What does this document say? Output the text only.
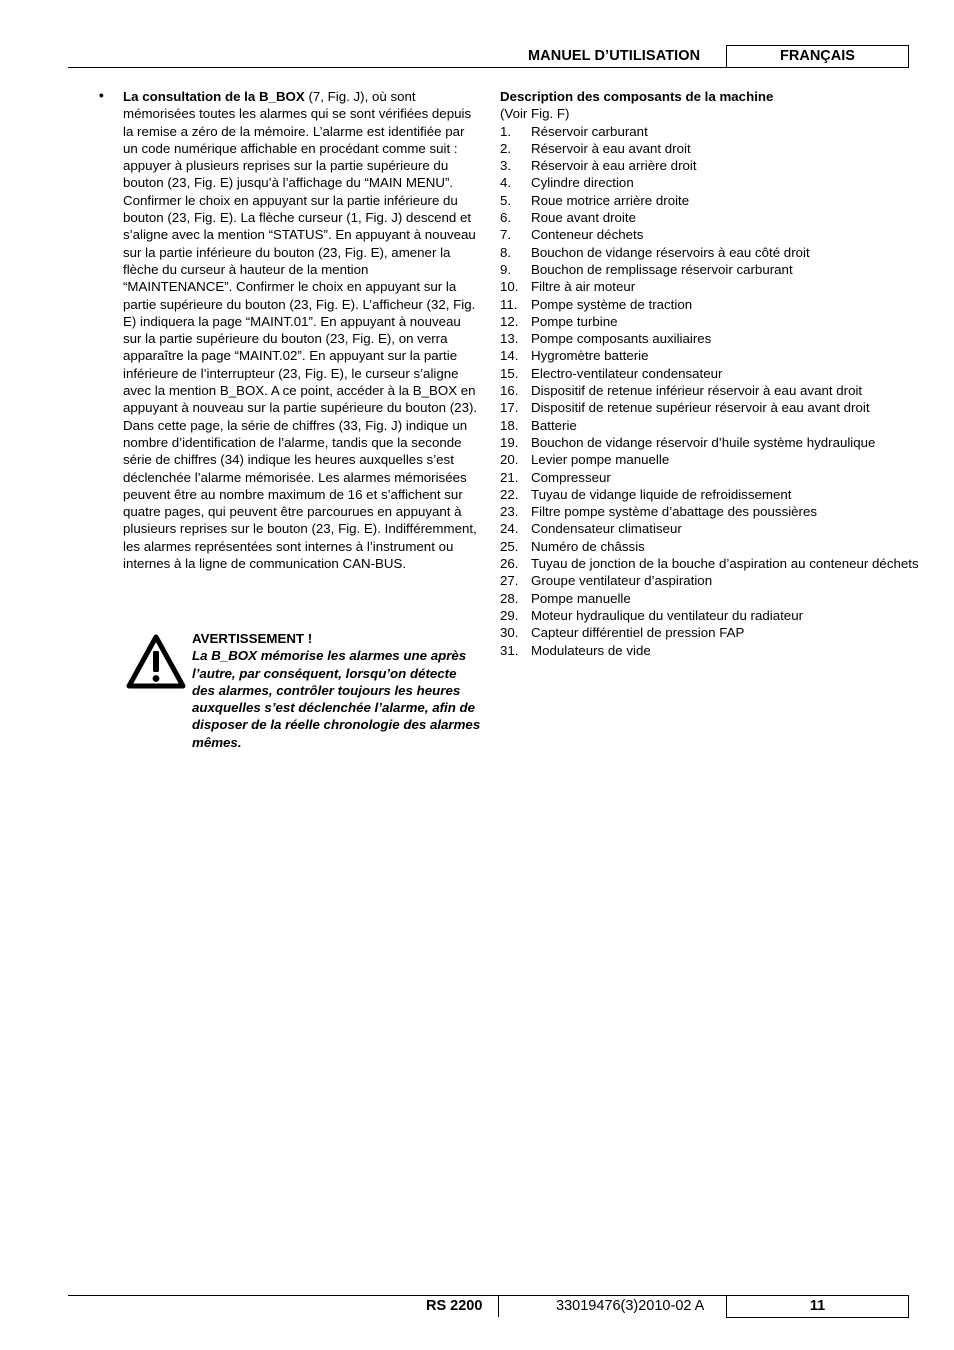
MANUEL D’UTILISATION	FRANÇAIS
• La consultation de la B_BOX (7, Fig. J), où sont mémorisées toutes les alarmes qui se sont vérifiées depuis la remise a zéro de la mémoire. L’alarme est identifiée par un code numérique affichable en procédant comme suit : appuyer à plusieurs reprises sur la partie supérieure du bouton (23, Fig. E) jusqu’à l’affichage du “MAIN MENU”. Confirmer le choix en appuyant sur la partie inférieure du bouton (23, Fig. E). La flèche curseur (1, Fig. J) descend et s’aligne avec la mention “STATUS”. En appuyant à nouveau sur la partie inférieure du bouton (23, Fig. E), amener la flèche du curseur à hauteur de la mention “MAINTENANCE”. Confirmer le choix en appuyant sur la partie supérieure du bouton (23, Fig. E). L’afficheur (32, Fig. E) indiquera la page “MAINT.01”. En appuyant à nouveau sur la partie supérieure du bouton (23, Fig. E), on verra apparaître la page “MAINT.02”. En appuyant sur la partie inférieure de l’interrupteur (23, Fig. E), le curseur s’aligne avec la mention B_BOX. A ce point, accéder à la B_BOX en appuyant à nouveau sur la partie supérieure du bouton (23). Dans cette page, la série de chiffres (33, Fig. J) indique un nombre d’identification de l’alarme, tandis que la seconde série de chiffres (34) indique les heures auxquelles s’est déclenchée l’alarme mémorisée. Les alarmes mémorisées peuvent être au nombre maximum de 16 et s’affichent sur quatre pages, qui peuvent être parcourues en appuyant à plusieurs reprises sur le bouton (23, Fig. E). Indifféremment, les alarmes représentées sont internes à l’instrument ou internes à la ligne de communication CAN-BUS.
AVERTISSEMENT !
La B_BOX mémorise les alarmes une après l’autre, par conséquent, lorsqu’on détecte des alarmes, contrôler toujours les heures auxquelles s’est déclenchée l’alarme, afin de disposer de la réelle chronologie des alarmes mêmes.
Description des composants de la machine
(Voir Fig. F)
1. Réservoir carburant
2. Réservoir à eau avant droit
3. Réservoir à eau arrière droit
4. Cylindre direction
5. Roue motrice arrière droite
6. Roue avant droite
7. Conteneur déchets
8. Bouchon de vidange réservoirs à eau côté droit
9. Bouchon de remplissage réservoir carburant
10. Filtre à air moteur
11. Pompe système de traction
12. Pompe turbine
13. Pompe composants auxiliaires
14. Hygromètre batterie
15. Electro-ventilateur condensateur
16. Dispositif de retenue inférieur réservoir à eau avant droit
17. Dispositif de retenue supérieur réservoir à eau avant droit
18. Batterie
19. Bouchon de vidange réservoir d’huile système hydraulique
20. Levier pompe manuelle
21. Compresseur
22. Tuyau de vidange liquide de refroidissement
23. Filtre pompe système d’abattage des poussières
24. Condensateur climatiseur
25. Numéro de châssis
26. Tuyau de jonction de la bouche d’aspiration au conteneur déchets
27. Groupe ventilateur d’aspiration
28. Pompe manuelle
29. Moteur hydraulique du ventilateur du radiateur
30. Capteur différentiel de pression FAP
31. Modulateurs de vide
RS 2200	33019476(3)2010-02 A	11
